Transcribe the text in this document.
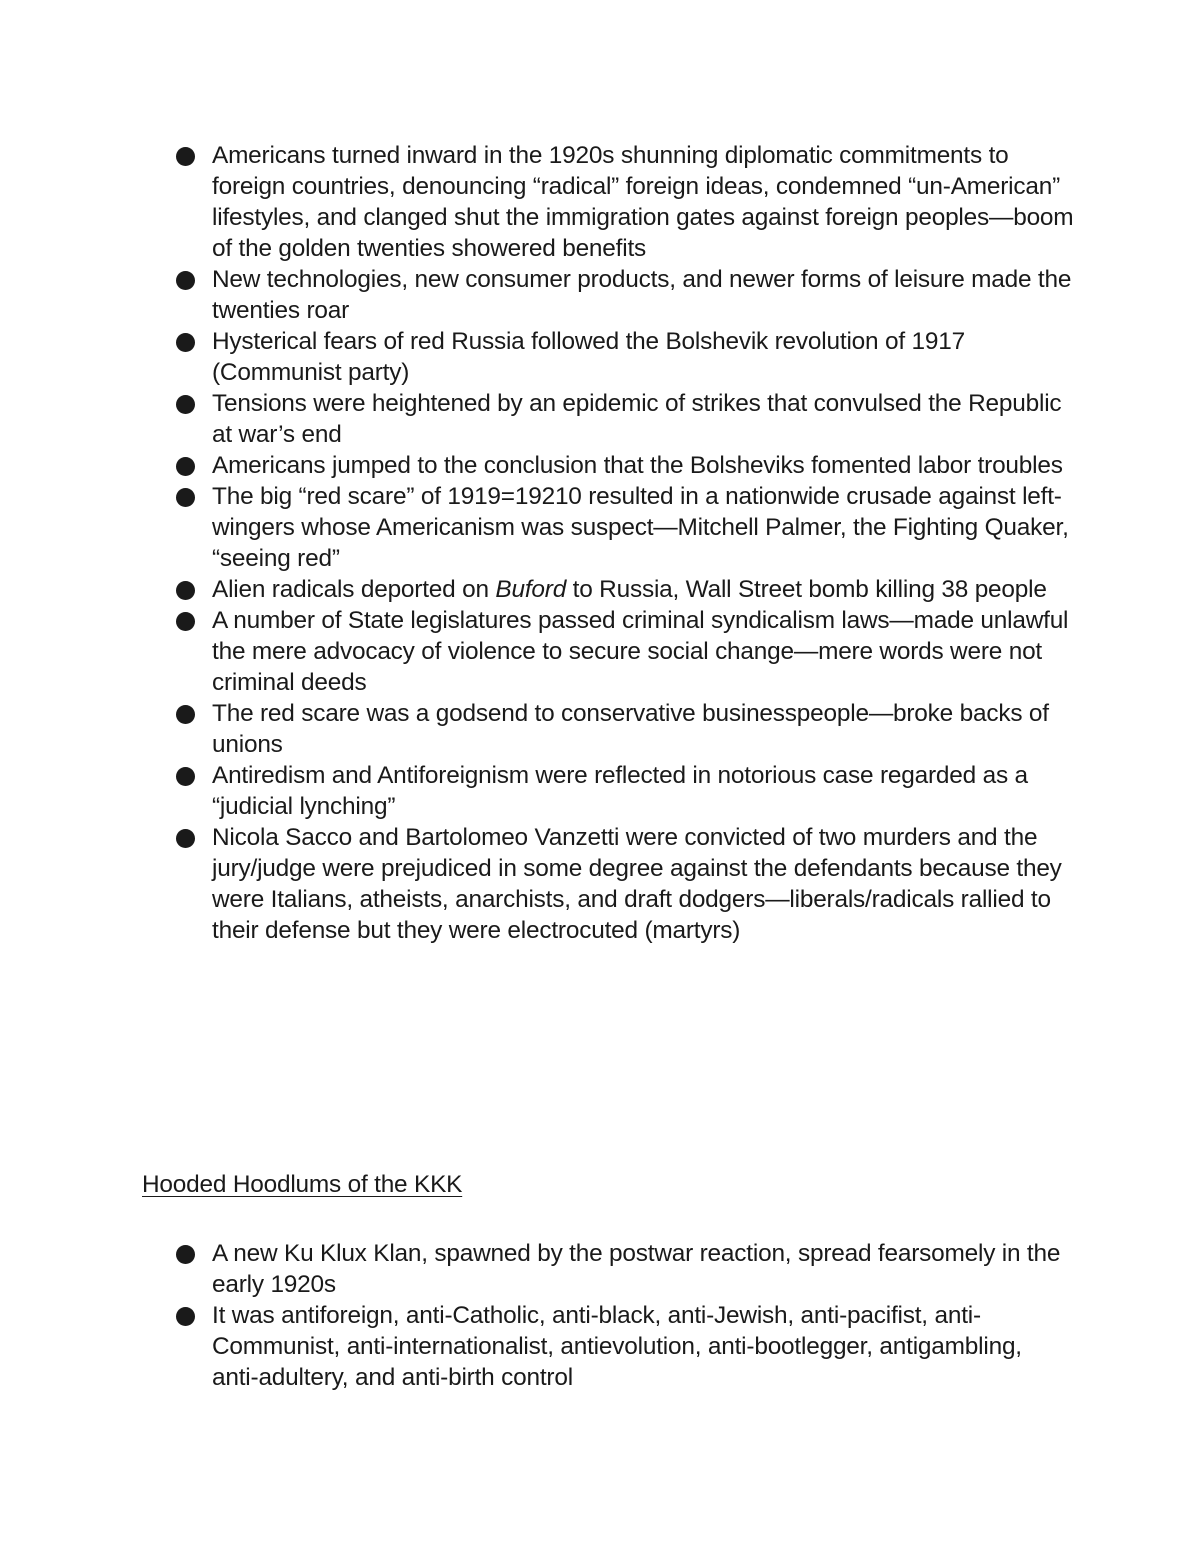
Americans turned inward in the 1920s shunning diplomatic commitments to foreign countries, denouncing “radical” foreign ideas, condemned “un-American” lifestyles, and clanged shut the immigration gates against foreign peoples—boom of the golden twenties showered benefits
New technologies, new consumer products, and newer forms of leisure made the twenties roar
Hysterical fears of red Russia followed the Bolshevik revolution of 1917 (Communist party)
Tensions were heightened by an epidemic of strikes that convulsed the Republic at war’s end
Americans jumped to the conclusion that the Bolsheviks fomented labor troubles
The big “red scare” of 1919=19210 resulted in a nationwide crusade against left-wingers whose Americanism was suspect—Mitchell Palmer, the Fighting Quaker, “seeing red”
Alien radicals deported on Buford to Russia, Wall Street bomb killing 38 people
A number of State legislatures passed criminal syndicalism laws—made unlawful the mere advocacy of violence to secure social change—mere words were not criminal deeds
The red scare was a godsend to conservative businesspeople—broke backs of unions
Antiredism and Antiforeignism were reflected in notorious case regarded as a “judicial lynching”
Nicola Sacco and Bartolomeo Vanzetti were convicted of two murders and the jury/judge were prejudiced in some degree against the defendants because they were Italians, atheists, anarchists, and draft dodgers—liberals/radicals rallied to their defense but they were electrocuted (martyrs)
Hooded Hoodlums of the KKK
A new Ku Klux Klan, spawned by the postwar reaction, spread fearsomely in the early 1920s
It was antiforeign, anti-Catholic, anti-black, anti-Jewish, anti-pacifist, anti-Communist, anti-internationalist, antievolution, anti-bootlegger, antigambling, anti-adultery, and anti-birth control
